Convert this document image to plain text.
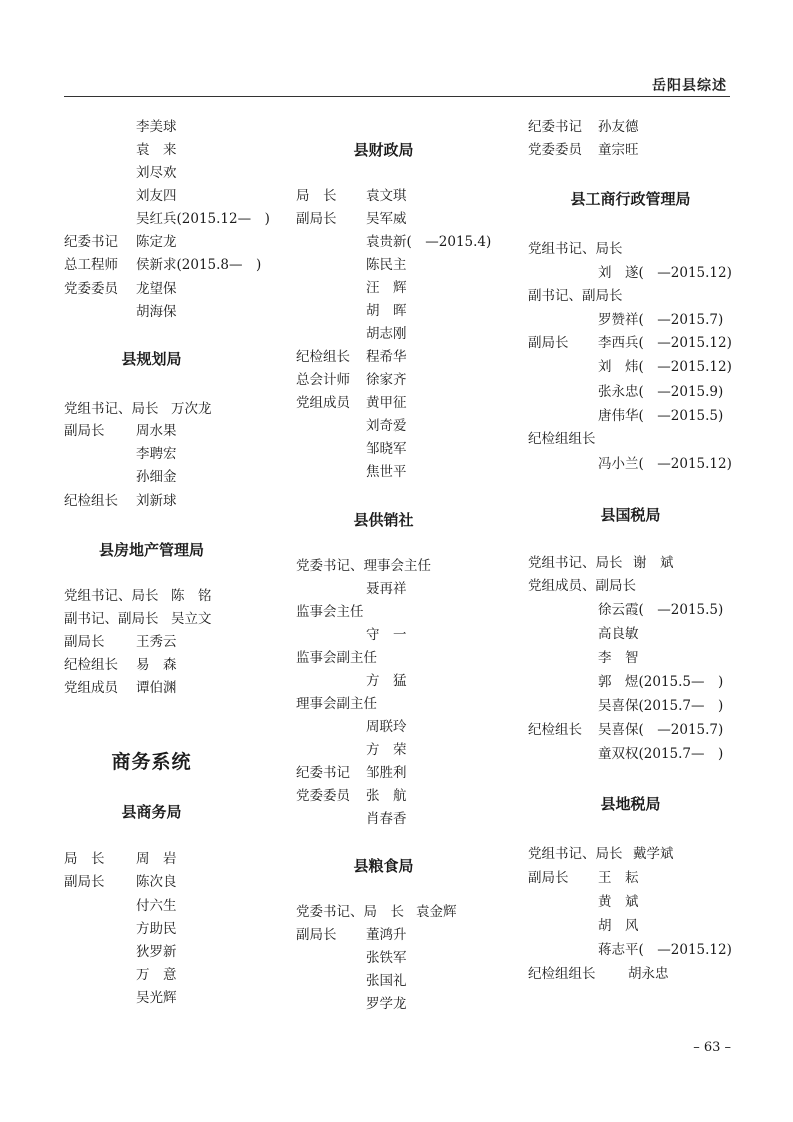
岳阳县综述
李美球
袁　来
刘尽欢
刘友四
吴红兵(2015.12—　)
纪委书记 陈定龙
总工程师 侯新求(2015.8—　)
党委委员 龙望保
胡海保
县规划局
党组书记、局长 万次龙
副局长 周水果
李聘宏
孙细金
纪检组长 刘新球
县房地产管理局
党组书记、局长 陈　铭
副书记、副局长 吴立文
副局长 王秀云
纪检组长 易　森
党组成员 谭伯渊
商务系统
县商务局
局　长 周　岩
副局长 陈次良
付六生
方助民
狄罗新
万　意
吴光辉
县财政局
局　长 袁文琪
副局长 吴军威
袁贵新(　—2015.4)
陈民主
汪　辉
胡　晖
胡志刚
纪检组长 程希华
总会计师 徐家齐
党组成员 黄甲征
刘奇爱
邹晓军
焦世平
县供销社
党委书记、理事会主任
聂再祥
监事会主任
守　一
监事会副主任
方　猛
理事会副主任
周联玲
方　荣
纪委书记 邹胜利
党委委员 张　航
肖春香
县粮食局
党委书记、局　长 袁金辉
副局长 董鸿升
张铁军
张国礼
罗学龙
纪委书记 孙友德
党委委员 童宗旺
县工商行政管理局
党组书记、局长
刘　遂(　—2015.12)
副书记、副局长
罗赞祥(　—2015.7)
副局长 李西兵(　—2015.12)
刘　炜(　—2015.12)
张永忠(　—2015.9)
唐伟华(　—2015.5)
纪检组组长
冯小兰(　—2015.12)
县国税局
党组书记、局长 谢　斌
党组成员、副局长
徐云霞(　—2015.5)
高良敏
李　智
郭　煜(2015.5—　)
吴喜保(2015.7—　)
纪检组长 吴喜保(　—2015.7)
童双权(2015.7—　)
县地税局
党组书记、局长 戴学斌
副局长 王　耘
黄　斌
胡　风
蒋志平(　—2015.12)
纪检组组长 胡永忠
– 63 –
